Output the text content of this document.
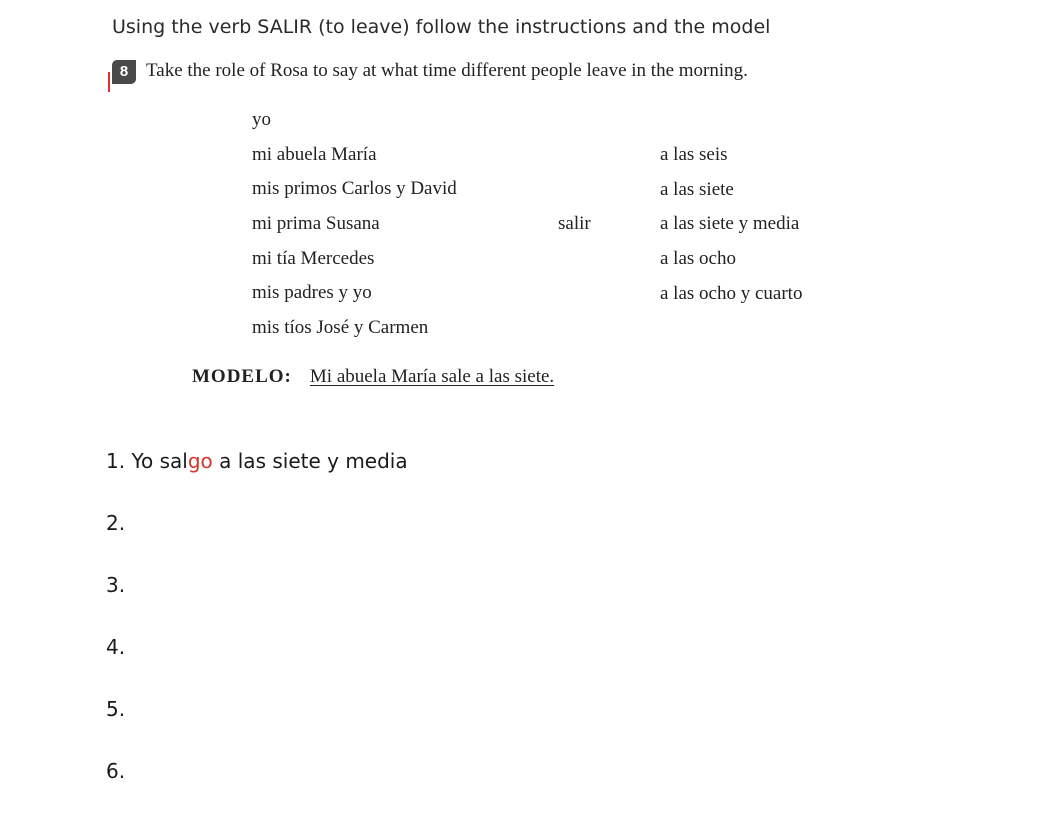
Using the verb SALIR (to leave) follow the instructions and the model
8 Take the role of Rosa to say at what time different people leave in the morning.
yo
mi abuela María
mis primos Carlos y David
mi prima Susana
mi tía Mercedes
mis padres y yo
mis tíos José y Carmen
salir
a las seis
a las siete
a las siete y media
a las ocho
a las ocho y cuarto
MODELO: Mi abuela María sale a las siete.
1. Yo salgo a las siete y media
2.
3.
4.
5.
6.
